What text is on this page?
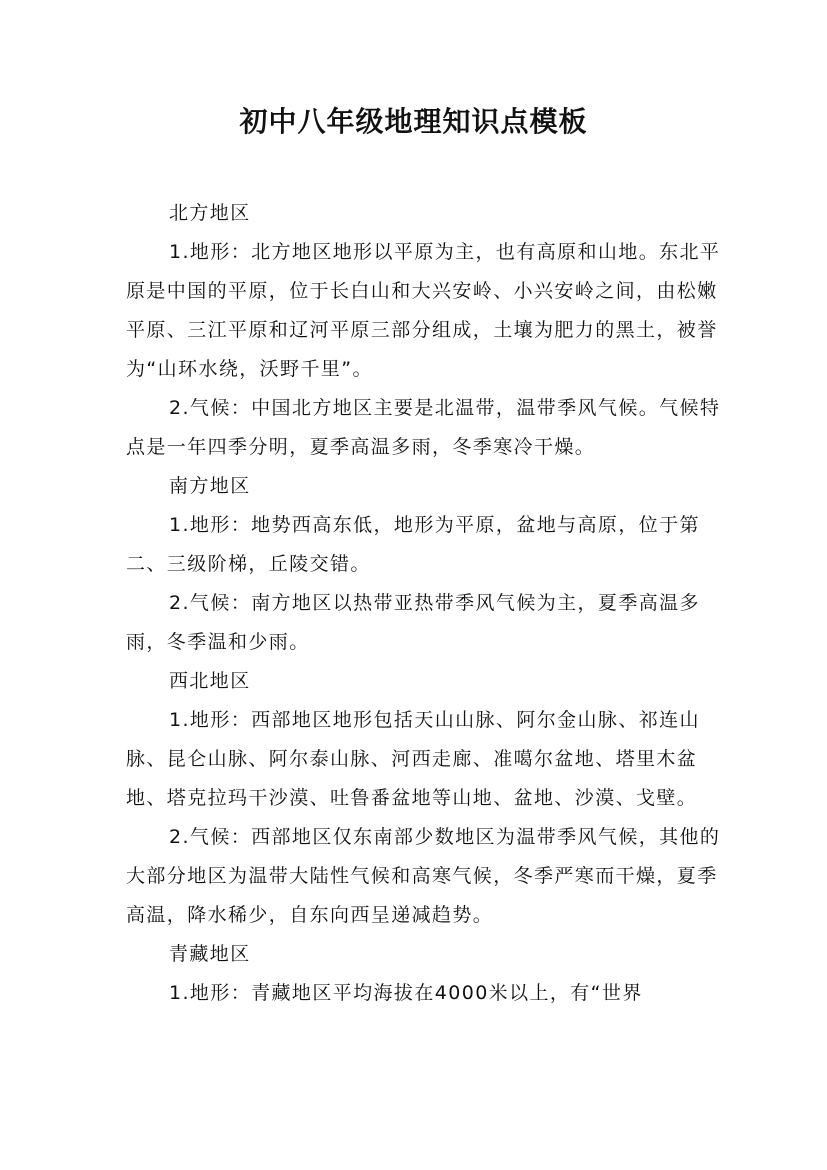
初中八年级地理知识点模板

北方地区

1.地形：北方地区地形以平原为主，也有高原和山地。东北平原是中国的平原，位于长白山和大兴安岭、小兴安岭之间，由松嫩平原、三江平原和辽河平原三部分组成，土壤为肥力的黑土，被誉为“山环水绕，沃野千里”。

2.气候：中国北方地区主要是北温带，温带季风气候。气候特点是一年四季分明，夏季高温多雨，冬季寒冷干燥。

南方地区

1.地形：地势西高东低，地形为平原，盆地与高原，位于第二、三级阶梯，丘陵交错。

2.气候：南方地区以热带亚热带季风气候为主，夏季高温多雨，冬季温和少雨。

西北地区

1.地形：西部地区地形包括天山山脉、阿尔金山脉、祁连山脉、昆仑山脉、阿尔泰山脉、河西走廊、准噶尔盆地、塔里木盆地、塔克拉玛干沙漠、吐鲁番盆地等山地、盆地、沙漠、戈壁。

2.气候：西部地区仅东南部少数地区为温带季风气候，其他的大部分地区为温带大陆性气候和高寒气候，冬季严寒而干燥，夏季高温，降水稀少，自东向西呈递减趋势。

青藏地区

1.地形：青藏地区平均海拔在4000米以上，有“世界
